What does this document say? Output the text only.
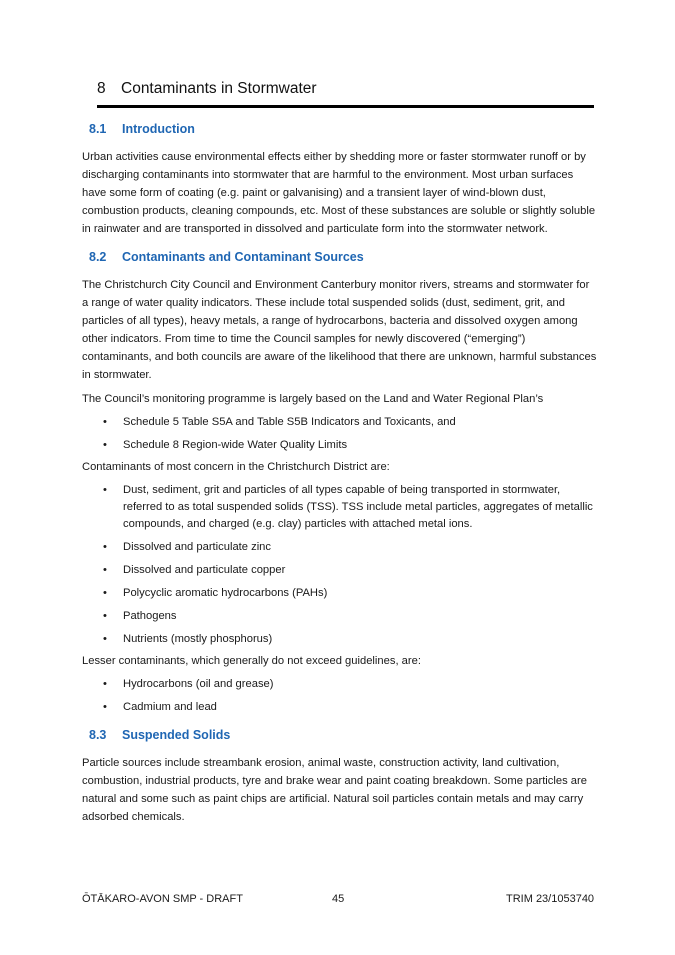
8 Contaminants in Stormwater
8.1 Introduction

Urban activities cause environmental effects either by shedding more or faster stormwater runoff or by discharging contaminants into stormwater that are harmful to the environment. Most urban surfaces have some form of coating (e.g. paint or galvanising) and a transient layer of wind-blown dust, combustion products, cleaning compounds, etc. Most of these substances are soluble or slightly soluble in rainwater and are transported in dissolved and particulate form into the stormwater network.

8.2 Contaminants and Contaminant Sources

The Christchurch City Council and Environment Canterbury monitor rivers, streams and stormwater for a range of water quality indicators. These include total suspended solids (dust, sediment, grit, and particles of all types), heavy metals, a range of hydrocarbons, bacteria and dissolved oxygen among other indicators. From time to time the Council samples for newly discovered (“emerging”) contaminants, and both councils are aware of the likelihood that there are unknown, harmful substances in stormwater.

The Council’s monitoring programme is largely based on the Land and Water Regional Plan’s

• Schedule 5 Table S5A and Table S5B Indicators and Toxicants, and
• Schedule 8 Region-wide Water Quality Limits

Contaminants of most concern in the Christchurch District are:

• Dust, sediment, grit and particles of all types capable of being transported in stormwater, referred to as total suspended solids (TSS). TSS include metal particles, aggregates of metallic compounds, and charged (e.g. clay) particles with attached metal ions.
• Dissolved and particulate zinc
• Dissolved and particulate copper
• Polycyclic aromatic hydrocarbons (PAHs)
• Pathogens
• Nutrients (mostly phosphorus)

Lesser contaminants, which generally do not exceed guidelines, are:

• Hydrocarbons (oil and grease)
• Cadmium and lead
8.3 Suspended Solids

Particle sources include streambank erosion, animal waste, construction activity, land cultivation, combustion, industrial products, tyre and brake wear and paint coating breakdown. Some particles are natural and some such as paint chips are artificial. Natural soil particles contain metals and may carry adsorbed chemicals.

ŌTĀKARO-AVON SMP - DRAFT	45	TRIM 23/1053740
